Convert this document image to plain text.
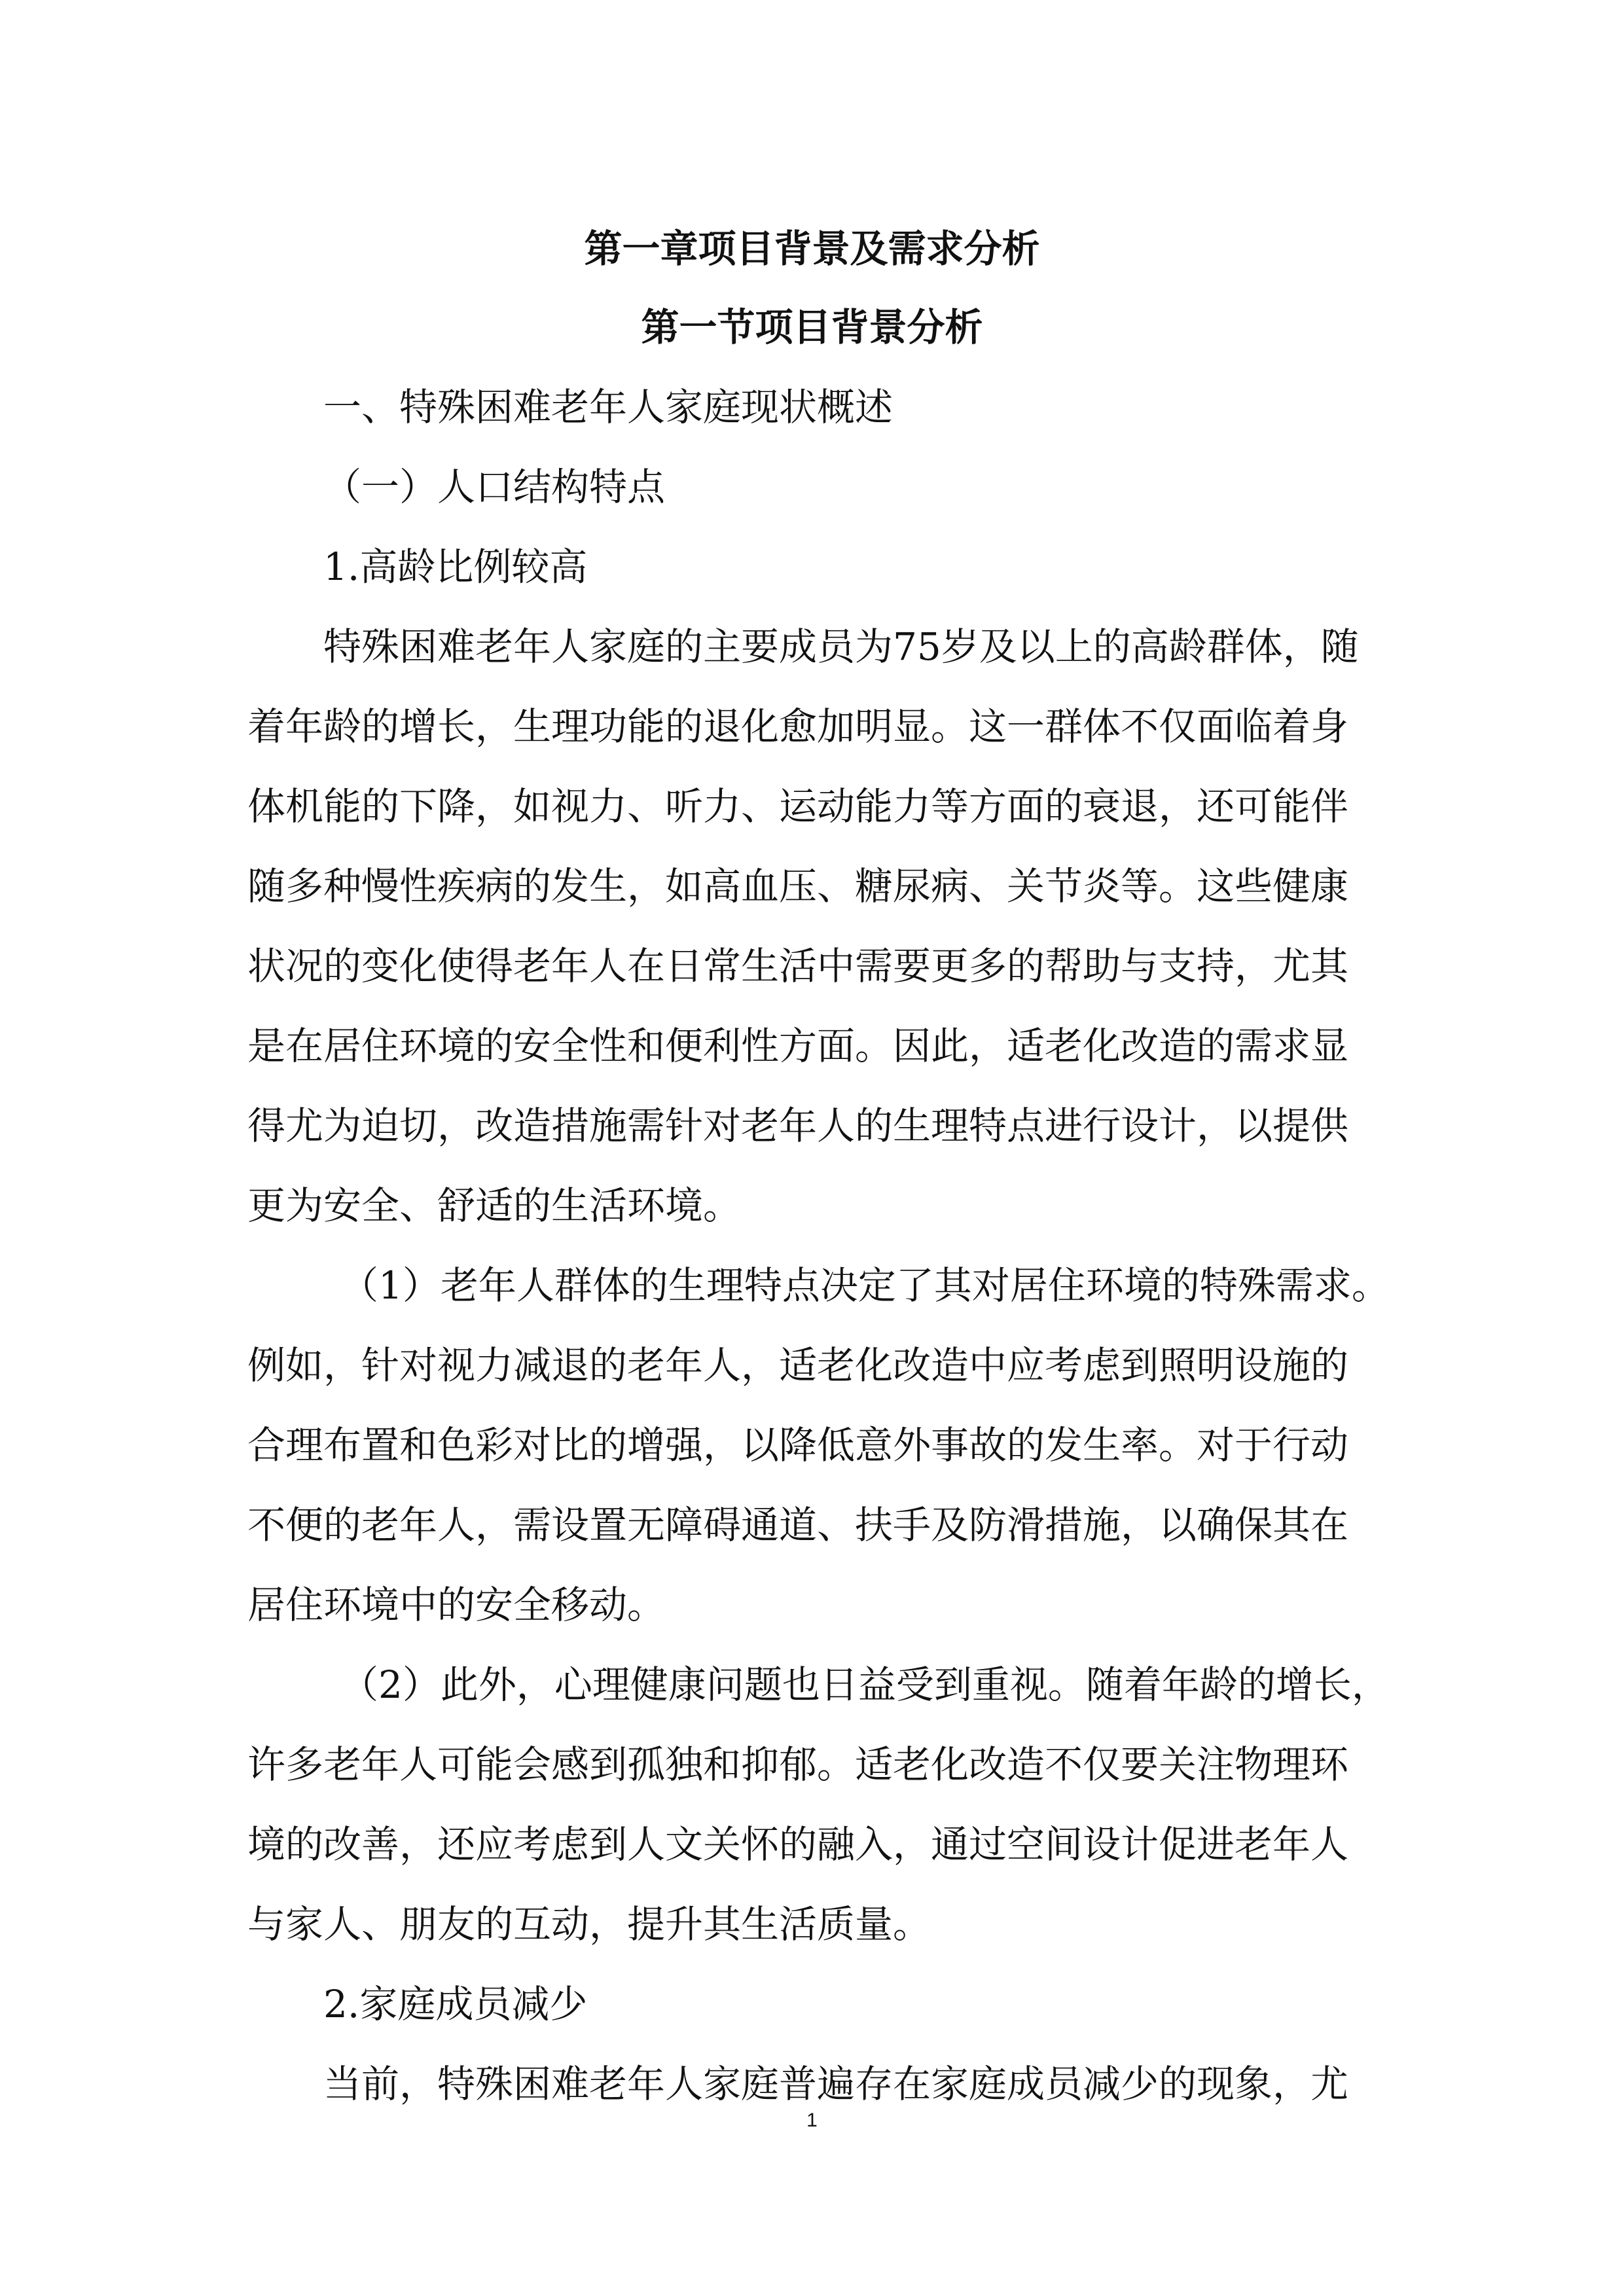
第一章项目背景及需求分析
第一节项目背景分析
一、特殊困难老年人家庭现状概述
（一）人口结构特点
1.高龄比例较高
特殊困难老年人家庭的主要成员为75岁及以上的高龄群体，随
着年龄的增长，生理功能的退化愈加明显。这一群体不仅面临着身
体机能的下降，如视力、听力、运动能力等方面的衰退，还可能伴
随多种慢性疾病的发生，如高血压、糖尿病、关节炎等。这些健康
状况的变化使得老年人在日常生活中需要更多的帮助与支持，尤其
是在居住环境的安全性和便利性方面。因此，适老化改造的需求显
得尤为迫切，改造措施需针对老年人的生理特点进行设计，以提供
更为安全、舒适的生活环境。
（1）老年人群体的生理特点决定了其对居住环境的特殊需求。
例如，针对视力减退的老年人，适老化改造中应考虑到照明设施的
合理布置和色彩对比的增强，以降低意外事故的发生率。对于行动
不便的老年人，需设置无障碍通道、扶手及防滑措施，以确保其在
居住环境中的安全移动。
（2）此外，心理健康问题也日益受到重视。随着年龄的增长，
许多老年人可能会感到孤独和抑郁。适老化改造不仅要关注物理环
境的改善，还应考虑到人文关怀的融入，通过空间设计促进老年人
与家人、朋友的互动，提升其生活质量。
2.家庭成员减少
当前，特殊困难老年人家庭普遍存在家庭成员减少的现象，尤
1
